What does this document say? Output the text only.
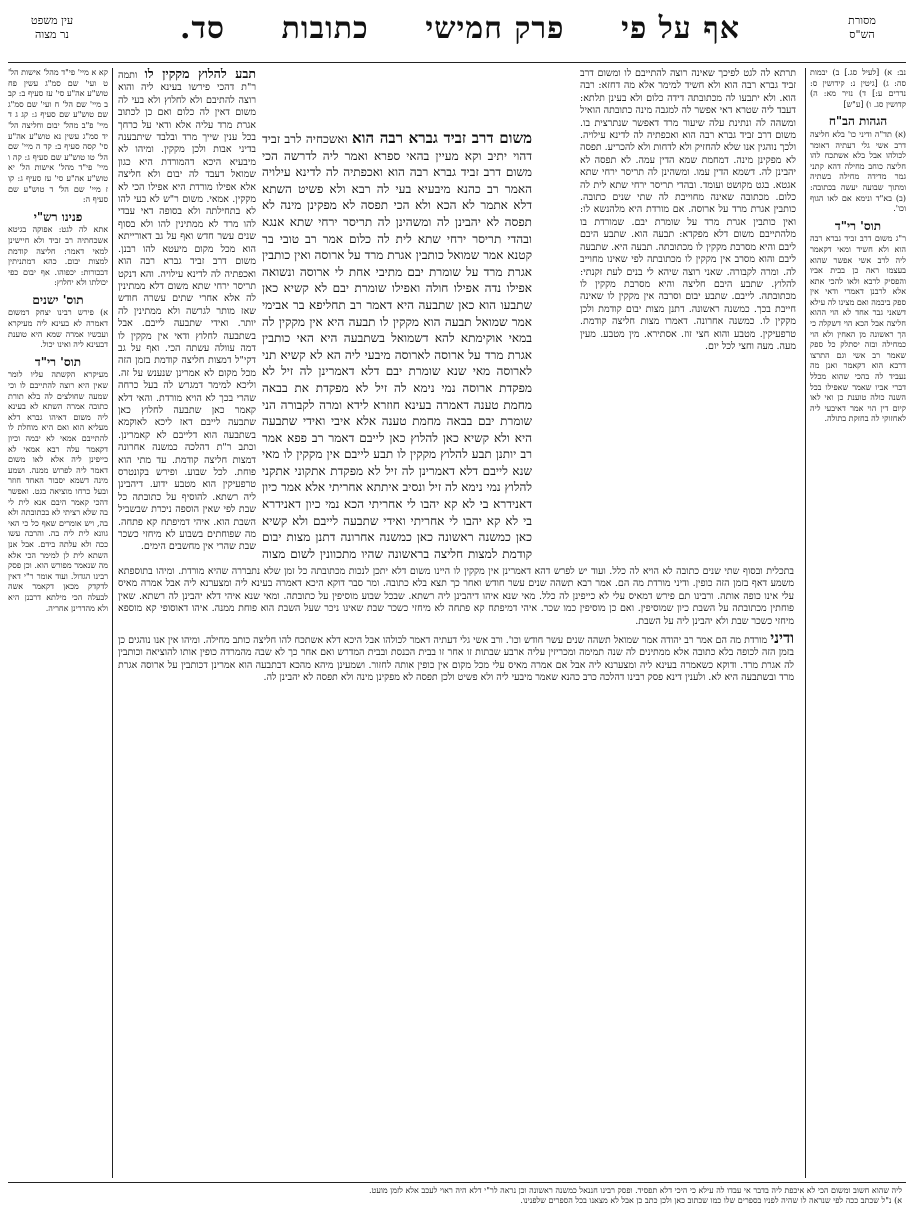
מסורת
הש"ס
אף על פי
פרק חמישי
כתובות
סד.
עין משפט
נר מצוה

נב: א) [לעיל סג.] ב) יבמות סה: ג) [גיטין נ: קידושין ס: נדרים ע:] ד) נזיר מא: ה) קדושין סג. ו) [ע"ש]

הגהות הב"ח

(א) תד"ה ודיני כו' בלא חליצה דרב אשי גלי דעתיה דאומר לכולהו אבל בלא אשתכח להו חליצה כוחב מחילה דהא קתני גמר מדידה מחילה בשתיה ומתוך שבועה יעשה בכתובה: (ב) בא"ד ונימא אם לאו הגוף וכו'.

תוס' רי"ד

ר"ג משום דרב זביד גברא רבה הוא ולא חשיד ומאי דקאמר ליה לרב אשי אפשר שהוא בעצמו ראה כן בבית אביו והפסיק לרבא ולאו להכי אתא אלא לרבנן דאמרי ודאי אין ספק ביבמה ואם מצינו לה עילא דשאני גבר אחד לא הוי ההוא חליצה אבל הכא הוי דשקלה כי הך ראשונה מן האחין ולא הוי כמחילה ובזה יסתלק כל ספק שאמר רב אשי וגם התרצו דרבא הוא דקאמר ואנן מה נעביד לה בהכי שהוא מכלל דברי אביו שאמר שאפילו בכל השנה כולה טוענת כן ואי לאו קיום דין הוי אמר דאיבעי ליה לאחזוקי לה בחזקת בתולה.

קא א מיי' פי"ד מהל' אישות הל' ט ועי' שם סמ"ג עשין פח טוש"ע אה"ע סי' עז סעיף ב: קב ב מיי' שם הל' ח ועי' שם סמ"ג שם טוש"ע שם סעיף ג: קג ג ד מיי' פ"ב מהל' יבום וחליצה הל' יד סמ"ג עשין נא טוש"ע אה"ע סי' קסה סעיף ב: קד ה מיי' שם הל' טו טוש"ע שם סעיף ג: קה ו מיי' פי"ד מהל' אישות הל' יא טוש"ע אה"ע סי' עז סעיף ג: קו ז מיי' שם הל' ד טוש"ע שם סעיף ה:

פנינו רש"י

אתא לה לגט: אפוקה בגיטא אשכחתיה רב זביד ולא חיישינן למאי דאמר: חליצה קודמת למצות יבום. כהא דמתניתין דבכורות: יכפוהו. אף יבום כפי יכולתו ולא יחלוץ:

תוס' ישנים

א) פירש רבינו יצחק דמשום דאמרה לא בעינא ליה מעיקרא ועכשיו אמרה שמא היא טוענת דבעינא ליה ואינו יכול.

תוס' רי"ד

מעיקרא הקשתה עליו לומר שאין היא רוצה להתייבם לו וכי שמעה שחולצים לה בלא תורת כתובה אמרה השתא לא בעינא ליה משום דאיהו גברא דלא מעליא הוא ואם היא מוחלת לו להתייבם אמאי לא יבמה וכיון דקאמר עלה רבא אמאי לא כייפינן ליה אלא לאו משום דאמר ליה לפרוש ממנה. ושמע מינה דשמא יסבור האחד חוזר ובעל כרחו מוציאה בגט. ואפשר דהכי קאמר היבם אנא לית לי בה שלא רציתי לא בכתובתה ולא בה, ויש אומרים שאף כל כי האי גוונא לית ליה בה. והרבה עשו ככה ולא עלתה בידם. אבל אנן השתא לית לן למימר הכי אלא מה שנאמר מפורש הוא. וכן פסק רבינו הגדול. ועוד אומר ר"י דאין לדקדק מכאן דקאמר אשה לבעלה הכי מילתא דרבנן היא ולא מהדרינן אחריה.

תרתא לה לגט לפיכך שאינה רוצה להתייבם לו ומשום דרב זביד גברא רבה הוא ולא חשיד למימר אלא מה דחזא: רבה הוא. ולא יתבעו לה מכתובתה דידה כלום ולא בעינן תלתא: דעבד ליה שטרא דאי אפשר לה למגבה מינה כתובתה הואיל ומשהה לה ונתינת עלה שיעור מרד דאפשר שנתרצית בו. משום דרב זביד גברא רבה הוא ואכפתיה לה לדינא עילויה. ולכך נוהגין אנו שלא להחזיק ולא לדחות ולא להכריע. תפסה לא מפקינן מינה. דמחמת שמא הדין עמה. לא תפסה לא יהבינן לה. דשמא הדין עמו. ומשהינן לה תריסר ירחי שתא אגטא. בגט מקושט ועומד. ובהדי תריסר ירחי שתא לית לה כלום. מכתובה שאינה מחוייבת לה שתי שנים כתובה. כותבין אגרת מרד על ארוסה. אם מורדת היא מלהנשא לו: ואין כותבין אגרת מרד על שומרת יבם. שמורדת בו מלהתייבם משום דלא מפקדא: תבעה הוא. שתבע היבם ליבם והיא מסרבת מקקין לו מכתובתה. תבעה היא. שתבעה ליבם והוא מסרב אין מקקין לו מכתובתה לפי שאינו מחוייב לה. ומרה לקבורה. שאני רוצה שיהא לי בנים לעת זקנתי: להלוץ. שתבע היבם חליצה והיא מסרבת מקקין לו מכתובתה. לייבם. שתבע יבום וסרבה אין מקקין לו שאינה חייבת בכך. כמשנה ראשונה. דתנן מצות יבום קודמת ולכן מקקין לו. כמשנה אחרונה. דאמרו מצות חליצה קודמת. טרפעיקין. מטבע והוא חצי זוז. אסתירא. מין מטבע. מעין מעה. מעה וחצי לכל יום.

משום דרב זביד גברא רבה הוא ואשכחיה לרב זביד דהוי יתיב וקא מעיין בהאי ספרא ואמר ליה לדרשה הכי משום דרב זביד גברא רבה הוא ואכפתיה לה לדינא עילויה האמר רב כהנא מיבעיא בעי לה רבא ולא פשיט השתא דלא אתמר לא הכא ולא הכי תפסה לא מפקינן מינה לא תפסה לא יהבינן לה ומשהינן לה תריסר ירחי שתא אנגא ובהדי תריסר ירחי שתא לית לה כלום אמר רב טובי בר קטנא אמר שמואל כותבין אגרת מרד על ארוסה ואין כותבין אגרת מרד על שומרת יבם מתיבי אחת לי ארוסה ונשואה אפילו נדה אפילו חולה ואפילו שומרת יבם לא קשיא כאן שתבעו הוא כאן שתבעה היא דאמר רב תחליפא בר אבימי אמר שמואל תבעה הוא מקקין לו תבעה היא אין מקקין לה במאי אוקימתא להא דשמואל בשתבעה היא האי כותבין אגרת מרד על ארוסה לארוסה מיבעי ליה הא לא קשיא תני לארוסה מאי שנא שומרת יבם דלא דאמרינן לה זיל לא מפקדת ארוסה נמי נימא לה זיל לא מפקדת את בבאה מחמת טענה דאמרה בעינא חוזרא לידא ומרה לקבורה הני שומרת יבם בבאה מחמת טענה אלא איבי ואידי שתבעה היא ולא קשיא כאן להלוץ כאן לייבם דאמר רב פפא אמר רב יותנן תבע להלוץ מקקין לו תבע לייבם אין מקקין לו מאי שנא לייבם דלא דאמרינן לה זיל לא מפקדת אתקוני אתקני להלוץ נמי נימא לה זיל ונסיב איתתא אחריתי אלא אמר כיון דאנידרא בי לא קא יהבו לי אחריתי הכא נמי כיון דאנידרא בי לא קא יהבו לי אחריתי ואידי שתבעה לייבם ולא קשיא כאן כמשנה ראשונה כאן כמשנה אחרונה דתנן מצות יבום קודמת למצות חליצה בראשונה שהיו מתכוונין לשום מצוה

תבע להלוץ מקקין לו ותמה ר"ת דהכי פירשו בעינא ליה והוא רוצה להתיבם ולא לחלוץ ולא בעי לה משום דאין לה כלום ואם כן לכתוב אגרת מרד עליה אלא ודאי על כרחך בכל ענין שייך מרד ובלבד שיתבענה בדיני אבות ולכן מקקין. ומיהו לא מיבעיא היכא דהמורדת היא כגון שמואל דעבד לה יבום ולא חליצה אלא אפילו מורדת היא אפילו הכי לא מקקין. אמאי. משום ר"ש לא בעי להו לא בתחילתה ולא בסופה דאי עבדי להו מרד לא ממתינין להו ולא בסוף שנים עשר חדש ואף על גב דאורייתא הוא מכל מקום מיעטא להו רבנן. משום דרב זביד גברא רבה הוא ואכפתיה לה לדינא עילויה. והא דנקט תריסר ירחי שתא משום דלא ממתינין לה אלא אחרי שתים עשרה חודש שאז מותר לגרשה ולא ממתינין לה יותר. ואידי שתבעה לייבם. אבל בשתבעה לחלוץ ודאי אין מקקין לו דמה עוולה עשתה הכי. ואף על גב דקי"ל דמצות חליצה קודמת בזמן הזה מכל מקום לא אמרינן שנענש על זה. וליכא למימר דמגרש לה בעל כרחה שהרי בכך לא הויא מורדת. והאי דלא קאמר כאן שתבעה לחלוץ כאן שתבעה לייבם דאז ליכא לאוקמא בשתבעה הוא דלייבם לא קאמרינן. וכתב ר"ת דהלכה כמשנה אחרונה דמצות חליצה קודמת. עד מתי הוא פוחת. לכל שבוע. ופירש בקונטרס טרפעיקין הוא מטבע ידוע. דיהבינן ליה רשתא. להוסיף על כתובתה כל שבת לפי שאין הוספה ניכרת שבשביל השבת הוא. איהי דמיפתח קא פתחה. מה שפוחתים בשבוע לא מיחזי כשכר שבת שהרי אין מחשבים הימים.

בתכלית ובסוף שתי שנים כתובה לא הויא לה כלל. ועוד יש לפרש דהא דאמרינן אין מקקין לו היינו משום דלא יתכן לנכות מכתובתה כל זמן שלא נתבררה שהיא מורדת. ומיהו בתוספתא משמע דאף בזמן הזה כופין. ודיני מורדת מה הם. אמר רבא תשהה שנים עשר חודש ואחר כך תצא בלא כתובה. ומר סבר דוקא היכא דאמרה בעינא ליה ומצערנא ליה אבל אמרה מאיס עלי אינו כופה אותה. ורבינו תם פירש דמאיס עלי לא כייפינן לה כלל. מאי שנא איהו דיהבינן ליה רשתא. שבכל שבוע מוסיפין על כתובתה. ומאי שנא איהי דלא יהבינן לה רשתא. שאין פוחתין מכתובתה על השבת כיון שמוסיפין. ואם כן מוסיפין כמו שכר. איהי דמיפתח קא פתחה לא מיחזי כשכר שבת שאינו ניכר שעל השבת הוא פוחת ממנה. איהו דאוסופי קא מוספא מיחזי כשכר שבת ולא יהבינן ליה על השבת.

ודיני מורדת מה הם אמר רב יהודה אמר שמואל תשהה שנים עשר חודש וכו'. ורב אשי גלי דעתיה דאמר לכולהו אבל היכא דלא אשתכח להו חליצה כותב מחילה. ומיהו אין אנו נוהגים כן בזמן הזה לכופה בלא כתובה אלא ממתינים לה שנה תמימה ומכריזין עליה ארבע שבתות זו אחר זו בבית הכנסת ובבית המדרש ואם אחר כך לא שבה מהמרדה כופין אותו להוציאה וכותבין לה אגרת מרד. ודוקא כשאמרה בעינא ליה ומצערנא ליה אבל אם אמרה מאיס עלי מכל מקום אין כופין אותה לחזור. ושמעינן מיהא מהכא דבתבעה הוא אמרינן דכותבין על ארוסה אגרת מרד ובשתבעה היא לא. ולענין דינא פסק רבינו דהלכה כרב כהנא שאמר מיבעי ליה ולא פשיט ולכן תפסה לא מפקינן מינה ולא תפסה לא יהבינן לה.

ליה שהוא חשוב ומשום הכי לא איכפת ליה בדבר אי עבדו לה עילא כי היכי דלא תפסיד. ופסק רבינו חננאל כמשנה ראשונה וכן נראה לר"י דלא היה ראוי לעכב אלא לזמן מועט.
א) נ"ל שכתב ככה לפי שנראה לו שהיה לפניו בספרים שלו כמו שכתוב כאן ולכן כתב כן אבל לא מצאנו בכל הספרים שלפנינו.
